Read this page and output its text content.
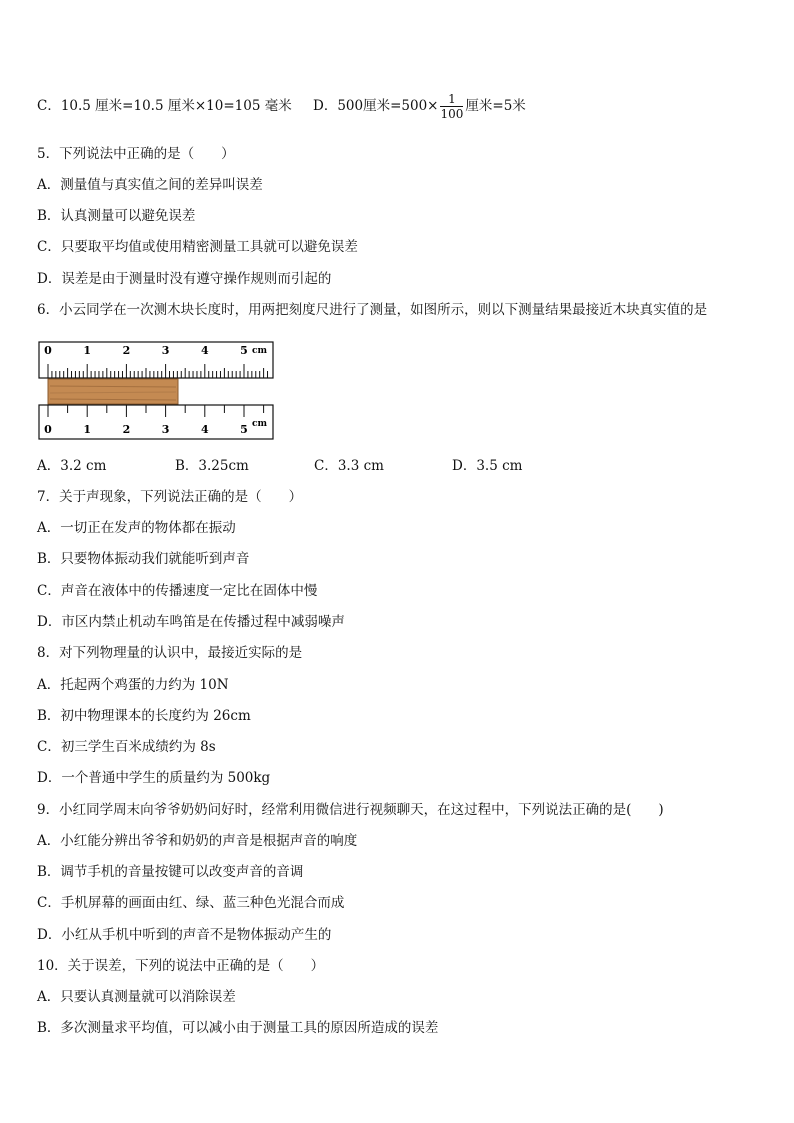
C．10.5 厘米=10.5 厘米×10=105 毫米 D．500厘米$=500\times \frac{1}{100}$ 厘米=5米
5．下列说法中正确的是（　　）
A．测量值与真实值之间的差异叫误差
B．认真测量可以避免误差
C．只要取平均值或使用精密测量工具就可以避免误差
D．误差是由于测量时没有遵守操作规则而引起的
6．小云同学在一次测木块长度时，用两把刻度尺进行了测量，如图所示，则以下测量结果最接近木块真实值的是
0	1	2	3	4	5 cm
0	1	2	3	4	5 cm
A．3.2 cm	B．3.25cm	C．3.3 cm	D．3.5 cm
7．关于声现象，下列说法正确的是（　　）
A．一切正在发声的物体都在振动
B．只要物体振动我们就能听到声音
C．声音在液体中的传播速度一定比在固体中慢
D．市区内禁止机动车鸣笛是在传播过程中减弱噪声
8．对下列物理量的认识中，最接近实际的是
A．托起两个鸡蛋的力约为 10N
B．初中物理课本的长度约为 26cm
C．初三学生百米成绩约为 8s
D．一个普通中学生的质量约为 500kg
9．小红同学周末向爷爷奶奶问好时，经常利用微信进行视频聊天，在这过程中，下列说法正确的是(　　)
A．小红能分辨出爷爷和奶奶的声音是根据声音的响度
B．调节手机的音量按键可以改变声音的音调
C．手机屏幕的画面由红、绿、蓝三种色光混合而成
D．小红从手机中听到的声音不是物体振动产生的
10．关于误差，下列的说法中正确的是（　　）
A．只要认真测量就可以消除误差
B．多次测量求平均值，可以减小由于测量工具的原因所造成的误差
